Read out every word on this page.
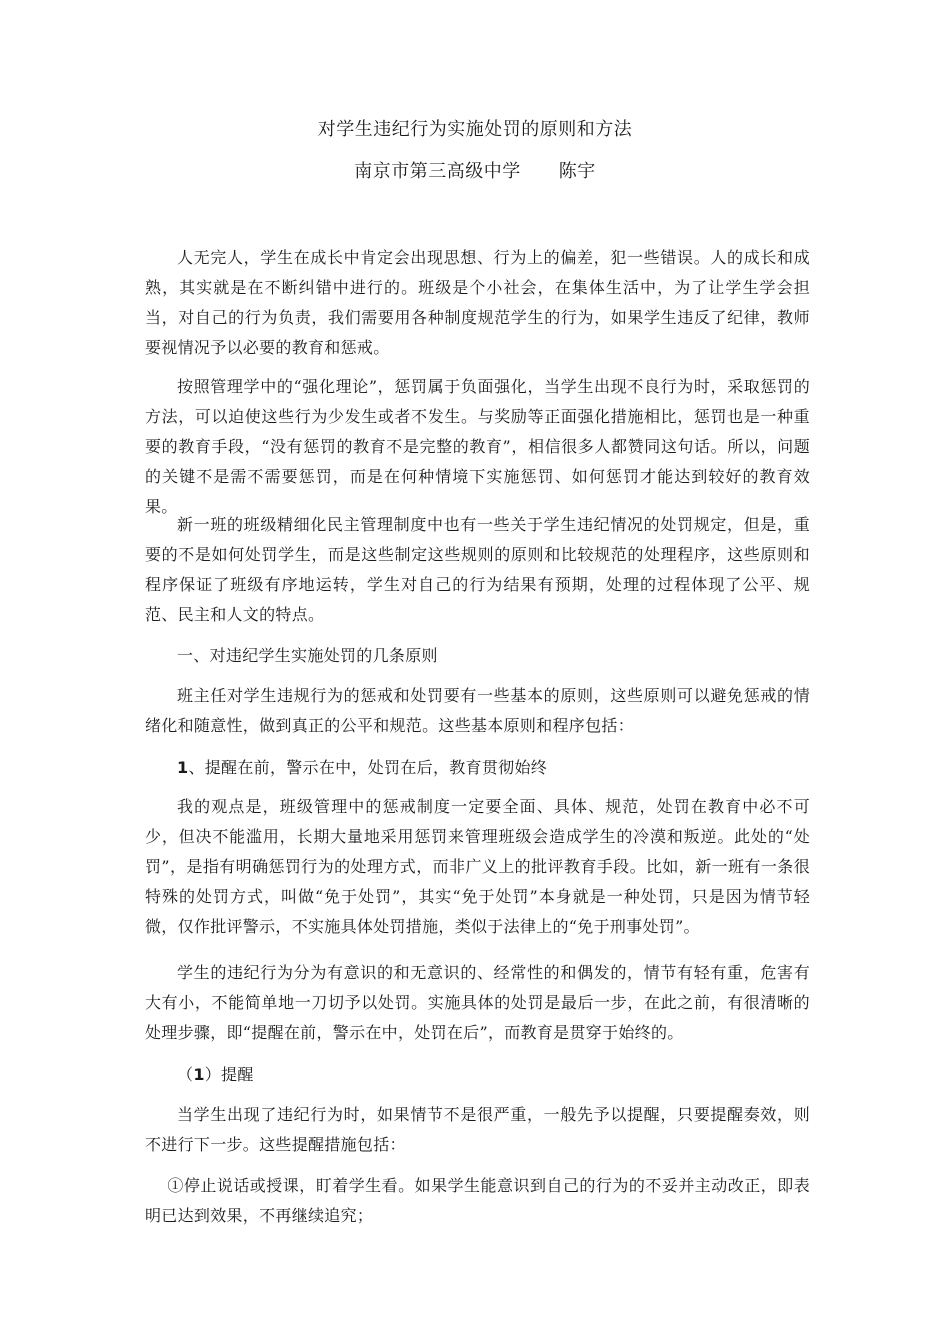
对学生违纪行为实施处罚的原则和方法
南京市第三高级中学 陈宇

人无完人，学生在成长中肯定会出现思想、行为上的偏差，犯一些错误。人的成长和成熟，其实就是在不断纠错中进行的。班级是个小社会，在集体生活中，为了让学生学会担当，对自己的行为负责，我们需要用各种制度规范学生的行为，如果学生违反了纪律，教师要视情况予以必要的教育和惩戒。

按照管理学中的“强化理论”，惩罚属于负面强化，当学生出现不良行为时，采取惩罚的方法，可以迫使这些行为少发生或者不发生。与奖励等正面强化措施相比，惩罚也是一种重要的教育手段，“没有惩罚的教育不是完整的教育”，相信很多人都赞同这句话。所以，问题的关键不是需不需要惩罚，而是在何种情境下实施惩罚、如何惩罚才能达到较好的教育效果。

新一班的班级精细化民主管理制度中也有一些关于学生违纪情况的处罚规定，但是，重要的不是如何处罚学生，而是这些制定这些规则的原则和比较规范的处理程序，这些原则和程序保证了班级有序地运转，学生对自己的行为结果有预期，处理的过程体现了公平、规范、民主和人文的特点。

一、对违纪学生实施处罚的几条原则

班主任对学生违规行为的惩戒和处罚要有一些基本的原则，这些原则可以避免惩戒的情绪化和随意性，做到真正的公平和规范。这些基本原则和程序包括：

1、提醒在前，警示在中，处罚在后，教育贯彻始终

我的观点是，班级管理中的惩戒制度一定要全面、具体、规范，处罚在教育中必不可少，但决不能滥用，长期大量地采用惩罚来管理班级会造成学生的冷漠和叛逆。此处的“处罚”，是指有明确惩罚行为的处理方式，而非广义上的批评教育手段。比如，新一班有一条很特殊的处罚方式，叫做“免于处罚”，其实“免于处罚”本身就是一种处罚，只是因为情节轻微，仅作批评警示，不实施具体处罚措施，类似于法律上的“免于刑事处罚”。

学生的违纪行为分为有意识的和无意识的、经常性的和偶发的，情节有轻有重，危害有大有小，不能简单地一刀切予以处罚。实施具体的处罚是最后一步，在此之前，有很清晰的处理步骤，即“提醒在前，警示在中，处罚在后”，而教育是贯穿于始终的。

（1）提醒

当学生出现了违纪行为时，如果情节不是很严重，一般先予以提醒，只要提醒奏效，则不进行下一步。这些提醒措施包括：

①停止说话或授课，盯着学生看。如果学生能意识到自己的行为的不妥并主动改正，即表明已达到效果，不再继续追究；
